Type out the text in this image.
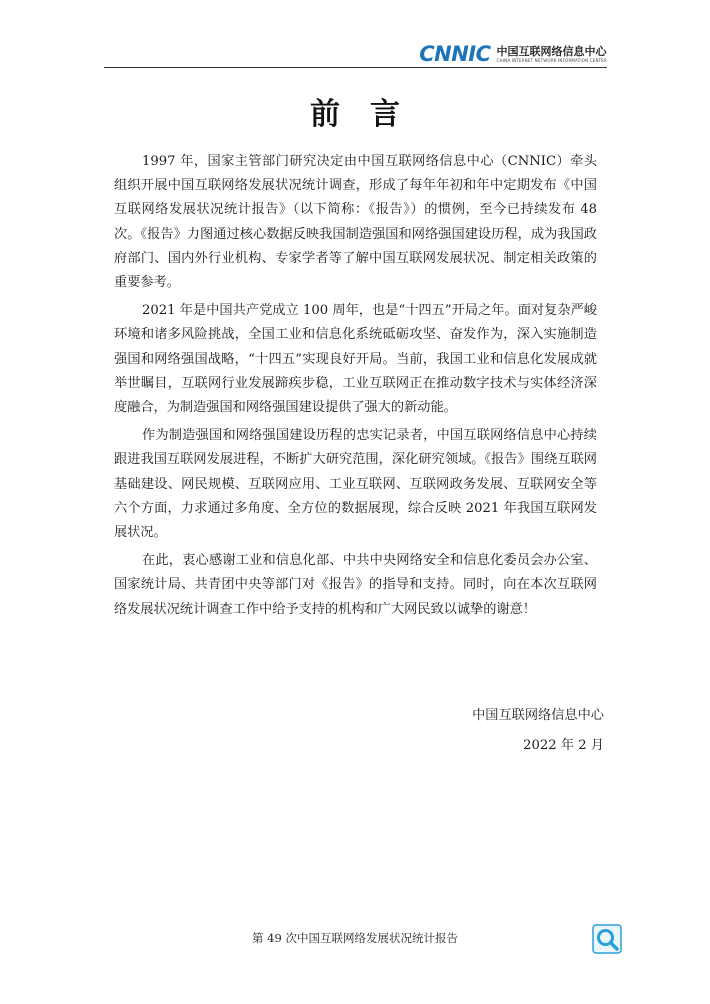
CNNIC 中国互联网络信息中心
CHINA INTERNET NETWORK INFORMATION CENTER
前言

1997 年，国家主管部门研究决定由中国互联网络信息中心（CNNIC）牵头组织开展中国互联网络发展状况统计调查，形成了每年年初和年中定期发布《中国互联网络发展状况统计报告》（以下简称：《报告》）的惯例，至今已持续发布 48 次。《报告》力图通过核心数据反映我国制造强国和网络强国建设历程，成为我国政府部门、国内外行业机构、专家学者等了解中国互联网发展状况、制定相关政策的重要参考。

2021 年是中国共产党成立 100 周年，也是“十四五”开局之年。面对复杂严峻环境和诸多风险挑战，全国工业和信息化系统砥砺攻坚、奋发作为，深入实施制造强国和网络强国战略，“十四五”实现良好开局。当前，我国工业和信息化发展成就举世瞩目，互联网行业发展蹄疾步稳，工业互联网正在推动数字技术与实体经济深度融合，为制造强国和网络强国建设提供了强大的新动能。

作为制造强国和网络强国建设历程的忠实记录者，中国互联网络信息中心持续跟进我国互联网发展进程，不断扩大研究范围，深化研究领域。《报告》围绕互联网基础建设、网民规模、互联网应用、工业互联网、互联网政务发展、互联网安全等六个方面，力求通过多角度、全方位的数据展现，综合反映 2021 年我国互联网发展状况。

在此，衷心感谢工业和信息化部、中共中央网络安全和信息化委员会办公室、国家统计局、共青团中央等部门对《报告》的指导和支持。同时，向在本次互联网络发展状况统计调查工作中给予支持的机构和广大网民致以诚挚的谢意！

中国互联网络信息中心
2022 年 2 月
第 49 次中国互联网络发展状况统计报告
